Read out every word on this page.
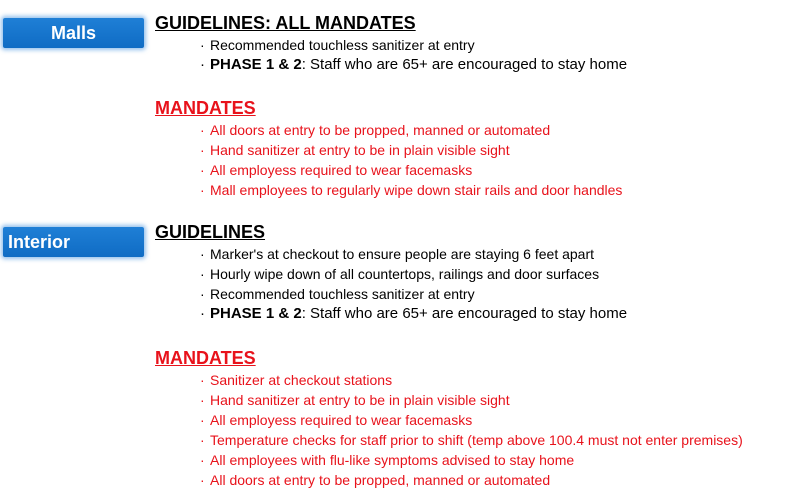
Malls	GUIDELINES: ALL MANDATES
· Recommended touchless sanitizer at entry
· PHASE 1 & 2: Staff who are 65+ are encouraged to stay home
MANDATES
· All doors at entry to be propped, manned or automated
· Hand sanitizer at entry to be in plain visible sight
· All employess required to wear facemasks
· Mall employees to regularly wipe down stair rails and door handles
Interior	GUIDELINES
· Marker's at checkout to ensure people are staying 6 feet apart
· Hourly wipe down of all countertops, railings and door surfaces
· Recommended touchless sanitizer at entry
· PHASE 1 & 2: Staff who are 65+ are encouraged to stay home
MANDATES
· Sanitizer at checkout stations
· Hand sanitizer at entry to be in plain visible sight
· All employess required to wear facemasks
· Temperature checks for staff prior to shift (temp above 100.4 must not enter premises)
· All employees with flu-like symptoms advised to stay home
· All doors at entry to be propped, manned or automated
